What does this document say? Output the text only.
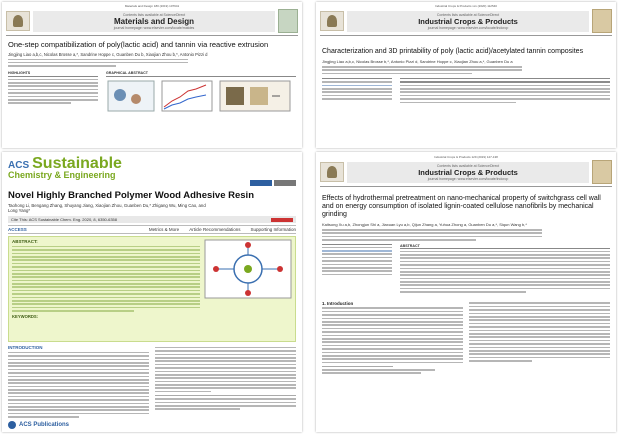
Materials and Design 180 (2019) 107941
Contents lists available at ScienceDirect
Materials and Design
journal homepage: www.elsevier.com/locate/matdes
One-step compatibilization of poly(lactic acid) and tannin via reactive extrusion
Jingjing Liao a,b,c, Nicolas Brosse a,*, Sandrine Hoppe c, Guanben Du b, Xiaojian Zhou b,*, Antonio Pizzi d
HIGHLIGHTS	GRAPHICAL ABSTRACT
Industrial Crops & Products xxx (2020) 112540
Contents lists available at ScienceDirect
Industrial Crops & Products
journal homepage: www.elsevier.com/locate/indcrop
Characterization and 3D printability of poly (lactic acid)/acetylated tannin composites
Jingjing Liao a,b,c, Nicolas Brosse b,*, Antonio Pizzi d, Sandrine Hoppe c, Xiaojian Zhou a,*, Guanben Du a
ACS Sustainable
Chemistry & Engineering
Novel Highly Branched Polymer Wood Adhesive Resin
Taohong Li, Bengang Zhang, Shuyang Jiang, Xiaojian Zhou, Guanben Du,* Zhigang Wu, Ming Cao, and Long Yang*
Cite This: ACS Sustainable Chem. Eng. 2020, 8, 6350-6358
ACCESS	Metrics & More Article Recommendations Supporting Information
ABSTRACT:
KEYWORDS:
INTRODUCTION
ACS Publications
Industrial Crops & Products 129 (2019) 127-138
Contents lists available at ScienceDirect
Industrial Crops & Products
journal homepage: www.elsevier.com/locate/indcrop
Effects of hydrothermal pretreatment on nano-mechanical property of switchgrass cell wall and on energy consumption of isolated lignin-coated cellulose nanofibrils by mechanical grinding
Kaitsong Xu a,b, Zhongjun Shi a, Jiaxuan Lyu a,b, Qijun Zhang a, Yuhua Zhong a, Guanben Du a,*, Siqun Wang b,*
ABSTRACT
1. Introduction
